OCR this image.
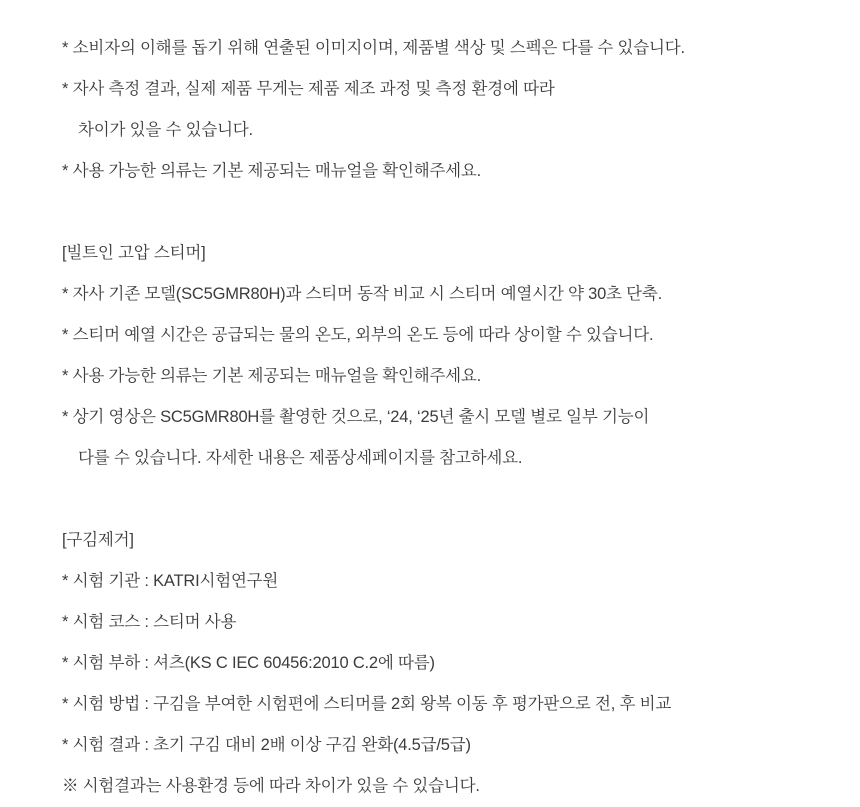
* 소비자의 이해를 돕기 위해 연출된 이미지이며, 제품별 색상 및 스펙은 다를 수 있습니다.
* 자사 측정 결과, 실제 제품 무게는 제품 제조 과정 및 측정 환경에 따라
차이가 있을 수 있습니다.
* 사용 가능한 의류는 기본 제공되는 매뉴얼을 확인해주세요.

[빌트인 고압 스티머]
* 자사 기존 모델(SC5GMR80H)과 스티머 동작 비교 시 스티머 예열시간 약 30초 단축.
* 스티머 예열 시간은 공급되는 물의 온도, 외부의 온도 등에 따라 상이할 수 있습니다.
* 사용 가능한 의류는 기본 제공되는 매뉴얼을 확인해주세요.
* 상기 영상은 SC5GMR80H를 촬영한 것으로, ‘24, ‘25년 출시 모델 별로 일부 기능이
다를 수 있습니다. 자세한 내용은 제품상세페이지를 참고하세요.

[구김제거]
* 시험 기관 : KATRI시험연구원
* 시험 코스 : 스티머 사용
* 시험 부하 : 셔츠(KS C IEC 60456:2010 C.2에 따름)
* 시험 방법 : 구김을 부여한 시험편에 스티머를 2회 왕복 이동 후 평가판으로 전, 후 비교
* 시험 결과 : 초기 구김 대비 2배 이상 구김 완화(4.5급/5급)
※ 시험결과는 사용환경 등에 따라 차이가 있을 수 있습니다.
